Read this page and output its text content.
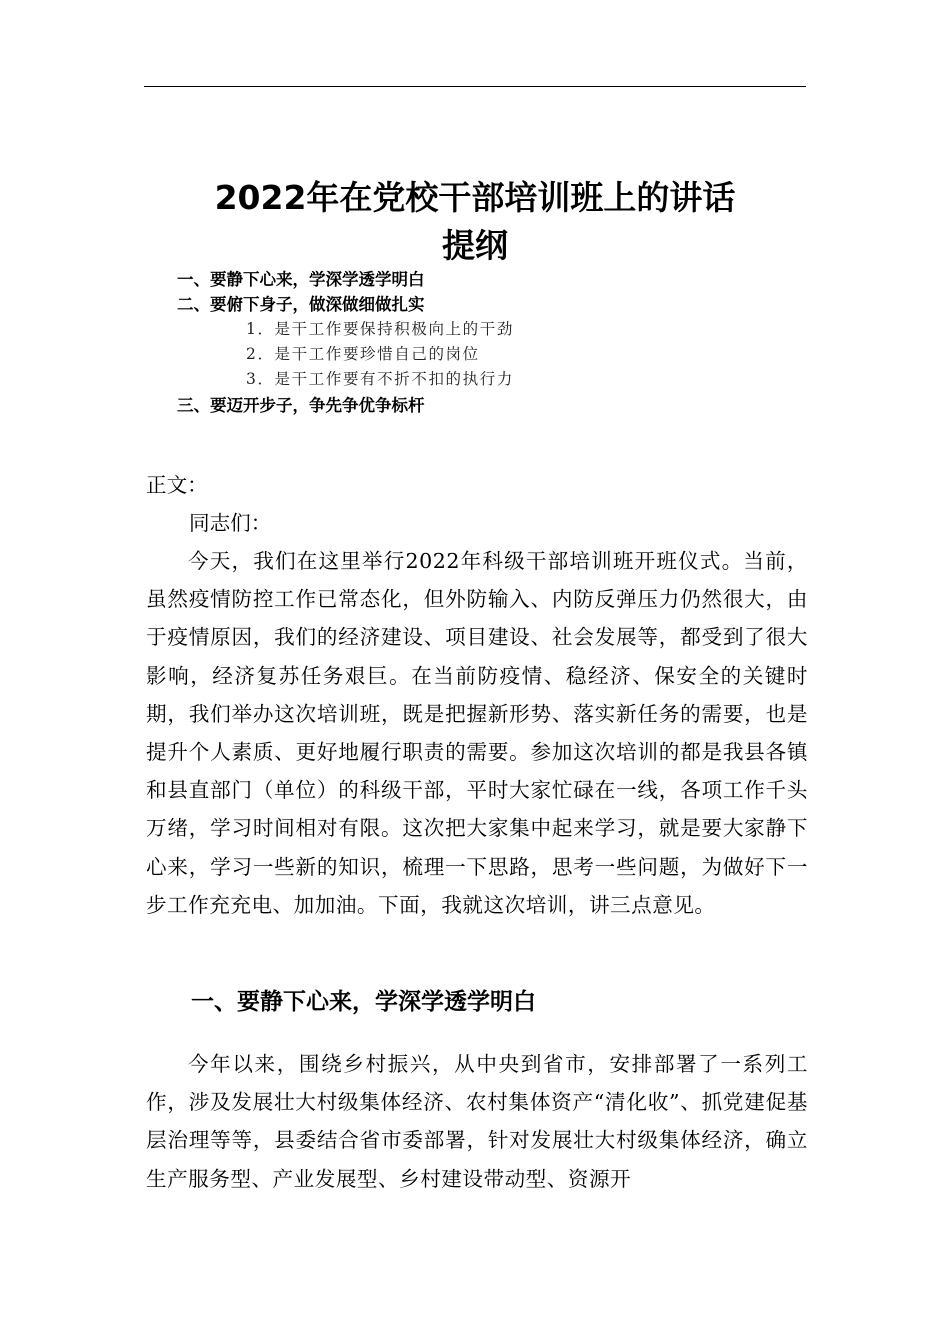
2022年在党校干部培训班上的讲话
提纲
一、要静下心来，学深学透学明白
二、要俯下身子，做深做细做扎实
1．是干工作要保持积极向上的干劲
2．是干工作要珍惜自己的岗位
3．是干工作要有不折不扣的执行力
三、要迈开步子，争先争优争标杆
正文：
同志们：

今天，我们在这里举行2022年科级干部培训班开班仪式。当前，虽然疫情防控工作已常态化，但外防输入、内防反弹压力仍然很大，由于疫情原因，我们的经济建设、项目建设、社会发展等，都受到了很大影响，经济复苏任务艰巨。在当前防疫情、稳经济、保安全的关键时期，我们举办这次培训班，既是把握新形势、落实新任务的需要，也是提升个人素质、更好地履行职责的需要。参加这次培训的都是我县各镇和县直部门（单位）的科级干部，平时大家忙碌在一线，各项工作千头万绪，学习时间相对有限。这次把大家集中起来学习，就是要大家静下心来，学习一些新的知识，梳理一下思路，思考一些问题，为做好下一步工作充充电、加加油。下面，我就这次培训，讲三点意见。

一、要静下心来，学深学透学明白

今年以来，围绕乡村振兴，从中央到省市，安排部署了一系列工作，涉及发展壮大村级集体经济、农村集体资产“清化收”、抓党建促基层治理等等，县委结合省市委部署，针对发展壮大村级集体经济，确立生产服务型、产业发展型、乡村建设带动型、资源开
